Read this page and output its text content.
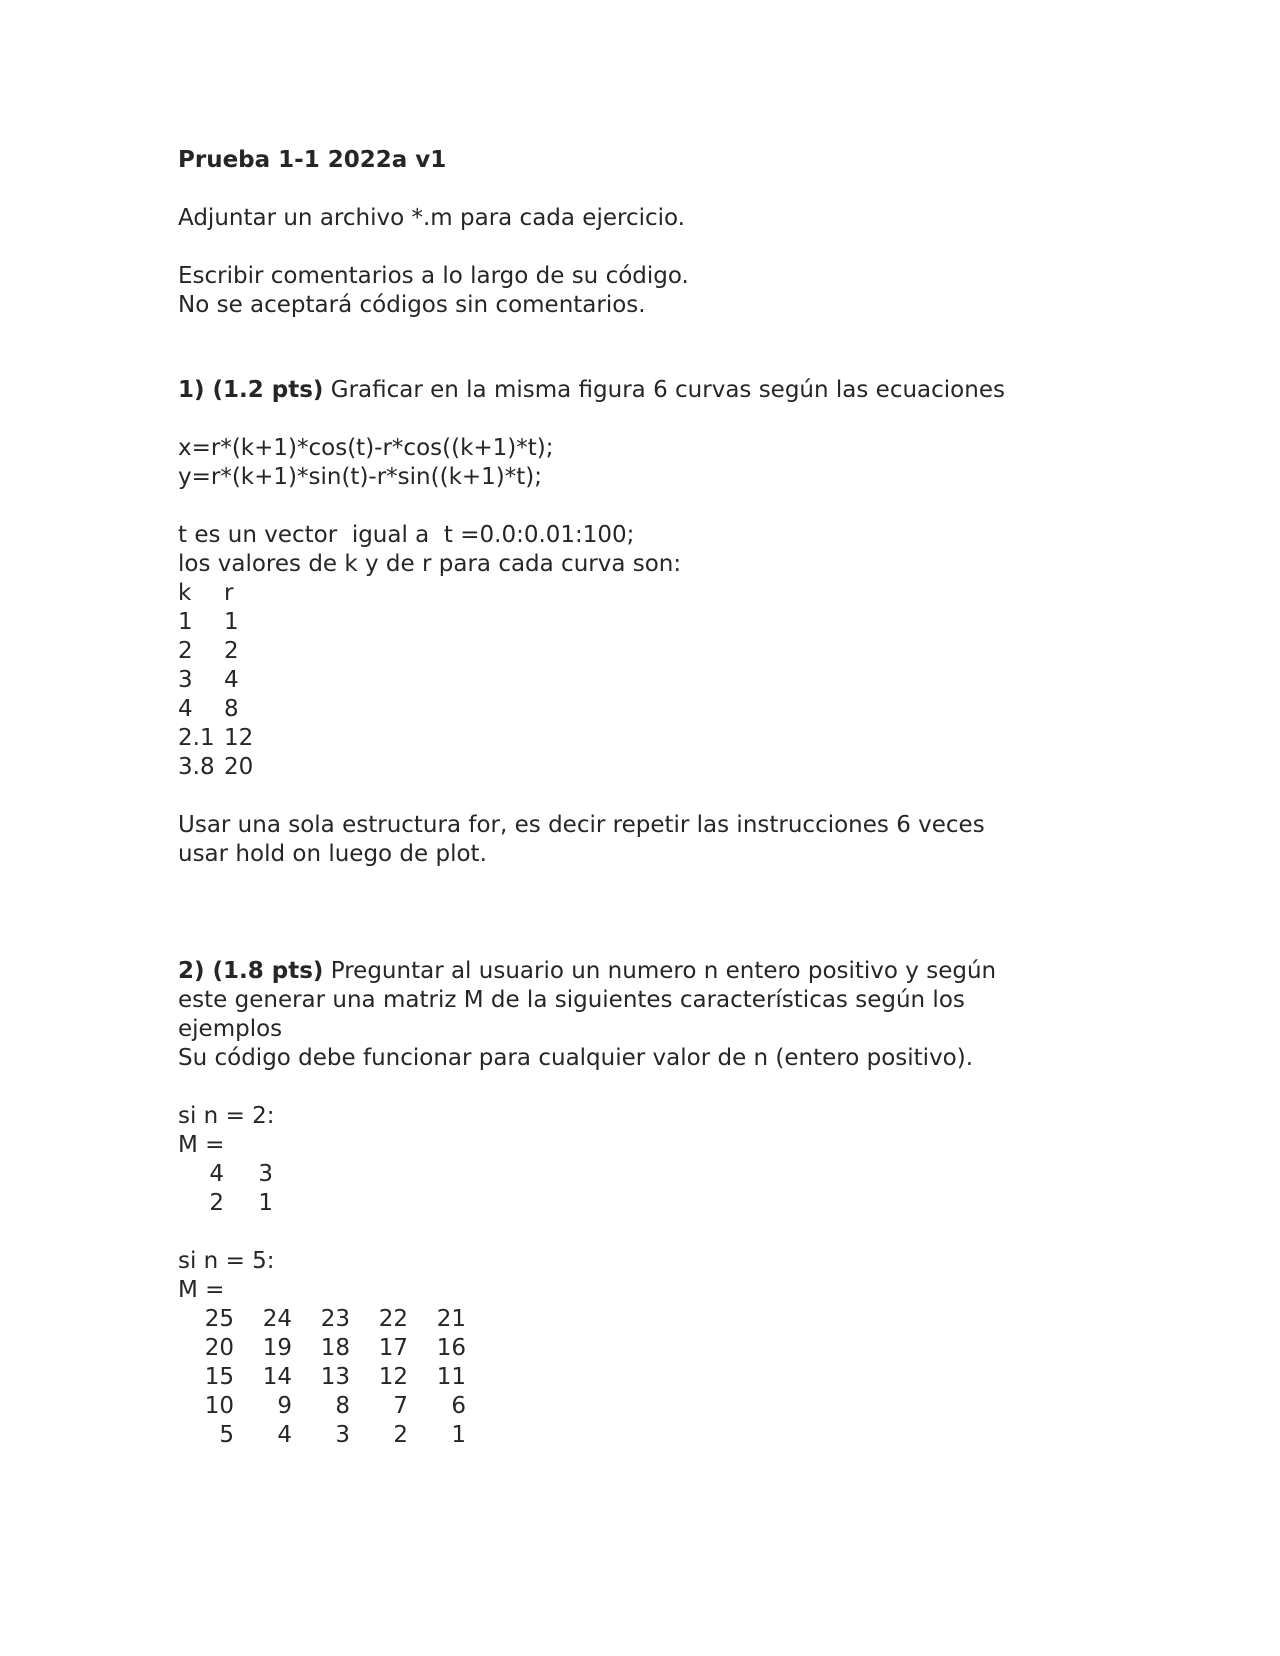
Prueba 1-1 2022a v1

Adjuntar un archivo *.m para cada ejercicio.

Escribir comentarios a lo largo de su código.

No se aceptará códigos sin comentarios.

1) (1.2 pts) Graficar en la misma figura 6 curvas según las ecuaciones

x=r*(k+1)*cos(t)-r*cos((k+1)*t);

y=r*(k+1)*sin(t)-r*sin((k+1)*t);

t es un vector  igual a  t =0.0:0.01:100;

los valores de k y de r para cada curva son:

k	r
1	1
2	2
3	4
4	8
2.1 12
3.8 20

Usar una sola estructura for, es decir repetir las instrucciones 6 veces

usar hold on luego de plot.

2) (1.8 pts) Preguntar al usuario un numero n entero positivo y según

este generar una matriz M de la siguientes características según los

ejemplos

Su código debe funcionar para cualquier valor de n (entero positivo).

si n = 2:

M =

4	3
2	1

si n = 5:

M =

25	24	23	22	21
20	19	18	17	16
15	14	13	12	11
10	9	8	7	6
5	4	3	2	1
